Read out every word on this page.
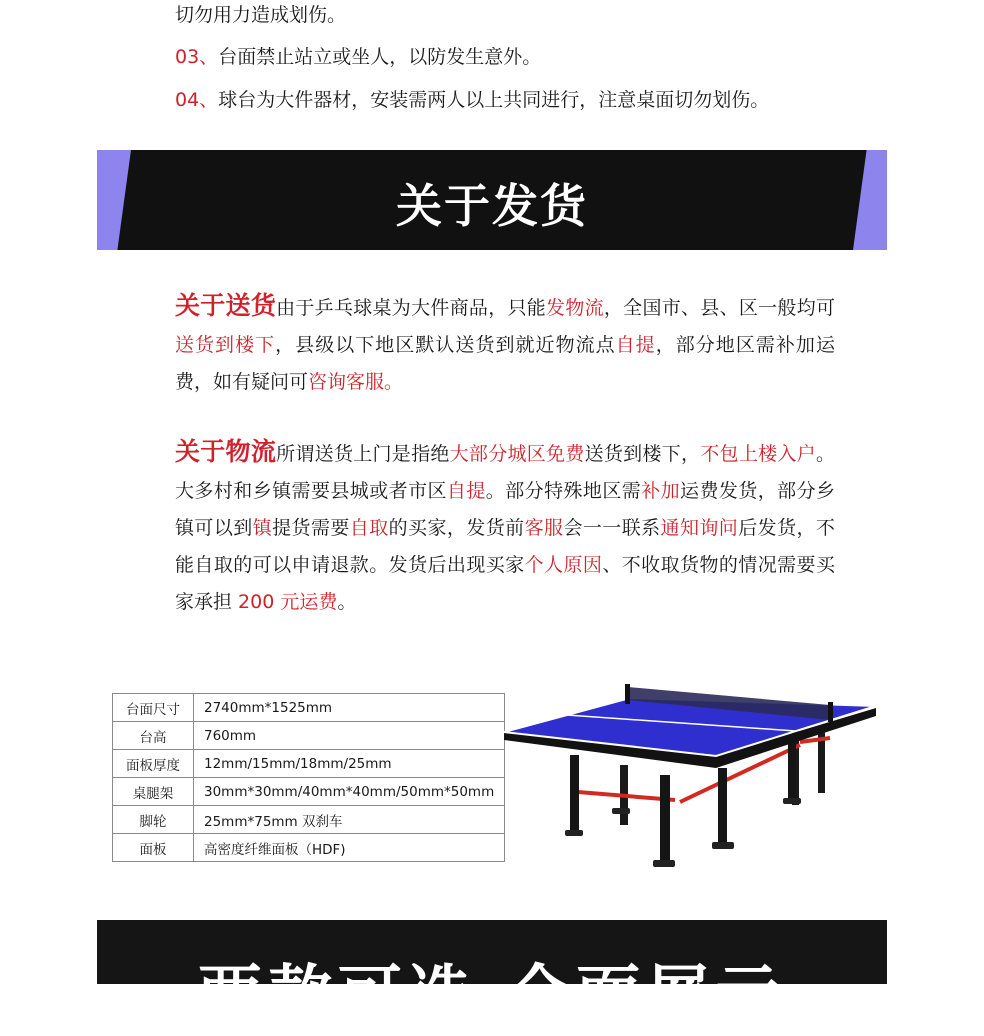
切勿用力造成划伤。
03、台面禁止站立或坐人，以防发生意外。
04、球台为大件器材，安装需两人以上共同进行，注意桌面切勿划伤。
关于发货
关于送货由于乒乓球桌为大件商品，只能发物流，全国市、县、区一般均可送货到楼下，县级以下地区默认送货到就近物流点自提，部分地区需补加运费，如有疑问可咨询客服。
关于物流所谓送货上门是指绝大部分城区免费送货到楼下，不包上楼入户。大多村和乡镇需要县城或者市区自提。部分特殊地区需补加运费发货，部分乡镇可以到镇提货需要自取的买家，发货前客服会一一联系通知询问后发货，不能自取的可以申请退款。发货后出现买家个人原因、不收取货物的情况需要买家承担 200 元运费。
台面尺寸	2740mm*1525mm
台高	760mm
面板厚度	12mm/15mm/18mm/25mm
桌腿架	30mm*30mm/40mm*40mm/50mm*50mm
脚轮	25mm*75mm 双刹车
面板	高密度纤维面板（HDF)
两款可选 全面展示
